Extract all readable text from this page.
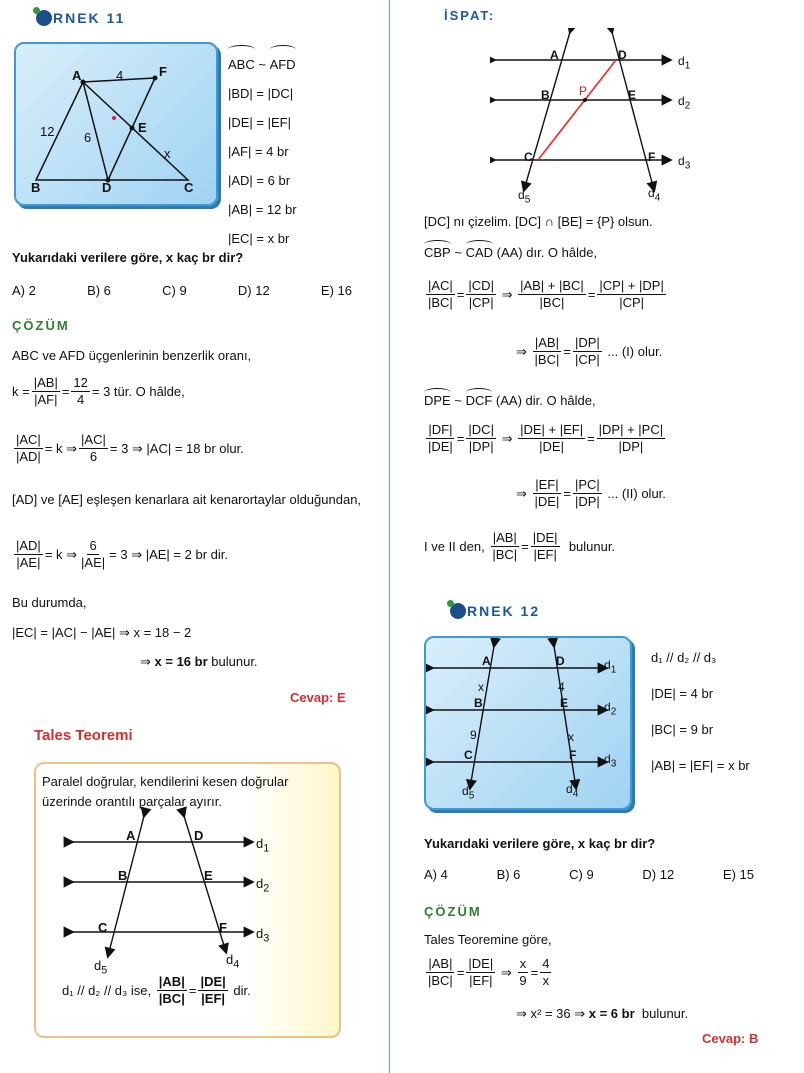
RNEK 11
A	F
E
B	D	C
4
6
12
x
ABC ~ AFD
|BD| = |DC|
|DE| = |EF|
|AF| = 4 br
|AD| = 6 br
|AB| = 12 br
|EC| = x br
Yukarıdaki verilere göre, x kaç br dir?
A) 2	B) 6	C) 9	D) 12	E) 16
ÇÖZÜM
ABC ve AFD üçgenlerinin benzerlik oranı,
$k = \frac{|AB|}{|AF|} = \frac{12}{4} = 3$ tür. O hâlde,
$\frac{|AC|}{|AD|} = k$ ⇒ $\frac{|AC|}{6} = 3$ ⇒ |AC| = 18 br olur.
[AD] ve [AE] eşleşen kenarlara ait kenarortaylar olduğundan,
$\frac{|AD|}{|AE|} = k$ ⇒ $\frac{6}{|AE|} = 3$ ⇒ |AE| = 2 br dir.
Bu durumda,
|EC| = |AC| − |AE| ⇒ x = 18 − 2
⇒ x = 16 br bulunur.
Cevap: E
Tales Teoremi
Paralel doğrular, kendilerini kesen doğrular üzerinde orantılı parçalar ayırır.
A
B
C
D
E
F
$d_1$
$d_2$
$d_3$
$d_4$
$d_5$
d₁ // d₂ // d₃ ise,
$\frac{|AB|}{|BC|} = \frac{|DE|}{|EF|}$
dir.
İSPAT:
A
B
C
D
E
F
P
$d_1$
$d_2$
$d_3$
$d_4$
$d_5$
[DC] nı çizelim. [DC] ∩ [BE] = {P} olsun.
CBP ~ CAD (AA) dır. O hâlde,
$\frac{|AC|}{|BC|} = \frac{|CD|}{|CP|}$ ⇒ $\frac{|AB| + |BC|}{|BC|} = \frac{|CP| + |DP|}{|CP|}$
⇒ $\frac{|AB|}{|BC|} = \frac{|DP|}{|CP|}$
... (I) olur.
DPE ~ DCF (AA) dir. O hâlde,
$\frac{|DF|}{|DE|} = \frac{|DC|}{|DP|}$ ⇒ $\frac{|DE| + |EF|}{|DE|} = \frac{|DP| + |PC|}{|DP|}$
⇒ $\frac{|EF|}{|DE|} = \frac{|PC|}{|DP|}$
... (II) olur.
I ve II den,
$\frac{|AB|}{|BC|} = \frac{|DE|}{|EF|}$
bulunur.
RNEK 12
A
B
C
D
E
F
x	4
9	x
$d_1$
$d_2$
$d_3$
$d_4$
$d_5$
d₁ // d₂ // d₃
|DE| = 4 br
|BC| = 9 br
|AB| = |EF| = x br
Yukarıdaki verilere göre, x kaç br dir?
A) 4	B) 6	C) 9	D) 12	E) 15
ÇÖZÜM
Tales Teoremine göre,
$\frac{|AB|}{|BC|} = \frac{|DE|}{|EF|}$ ⇒ $\frac{x}{9} = \frac{4}{x}$
⇒ x² = 36 ⇒ x = 6 br bulunur.
Cevap: B
